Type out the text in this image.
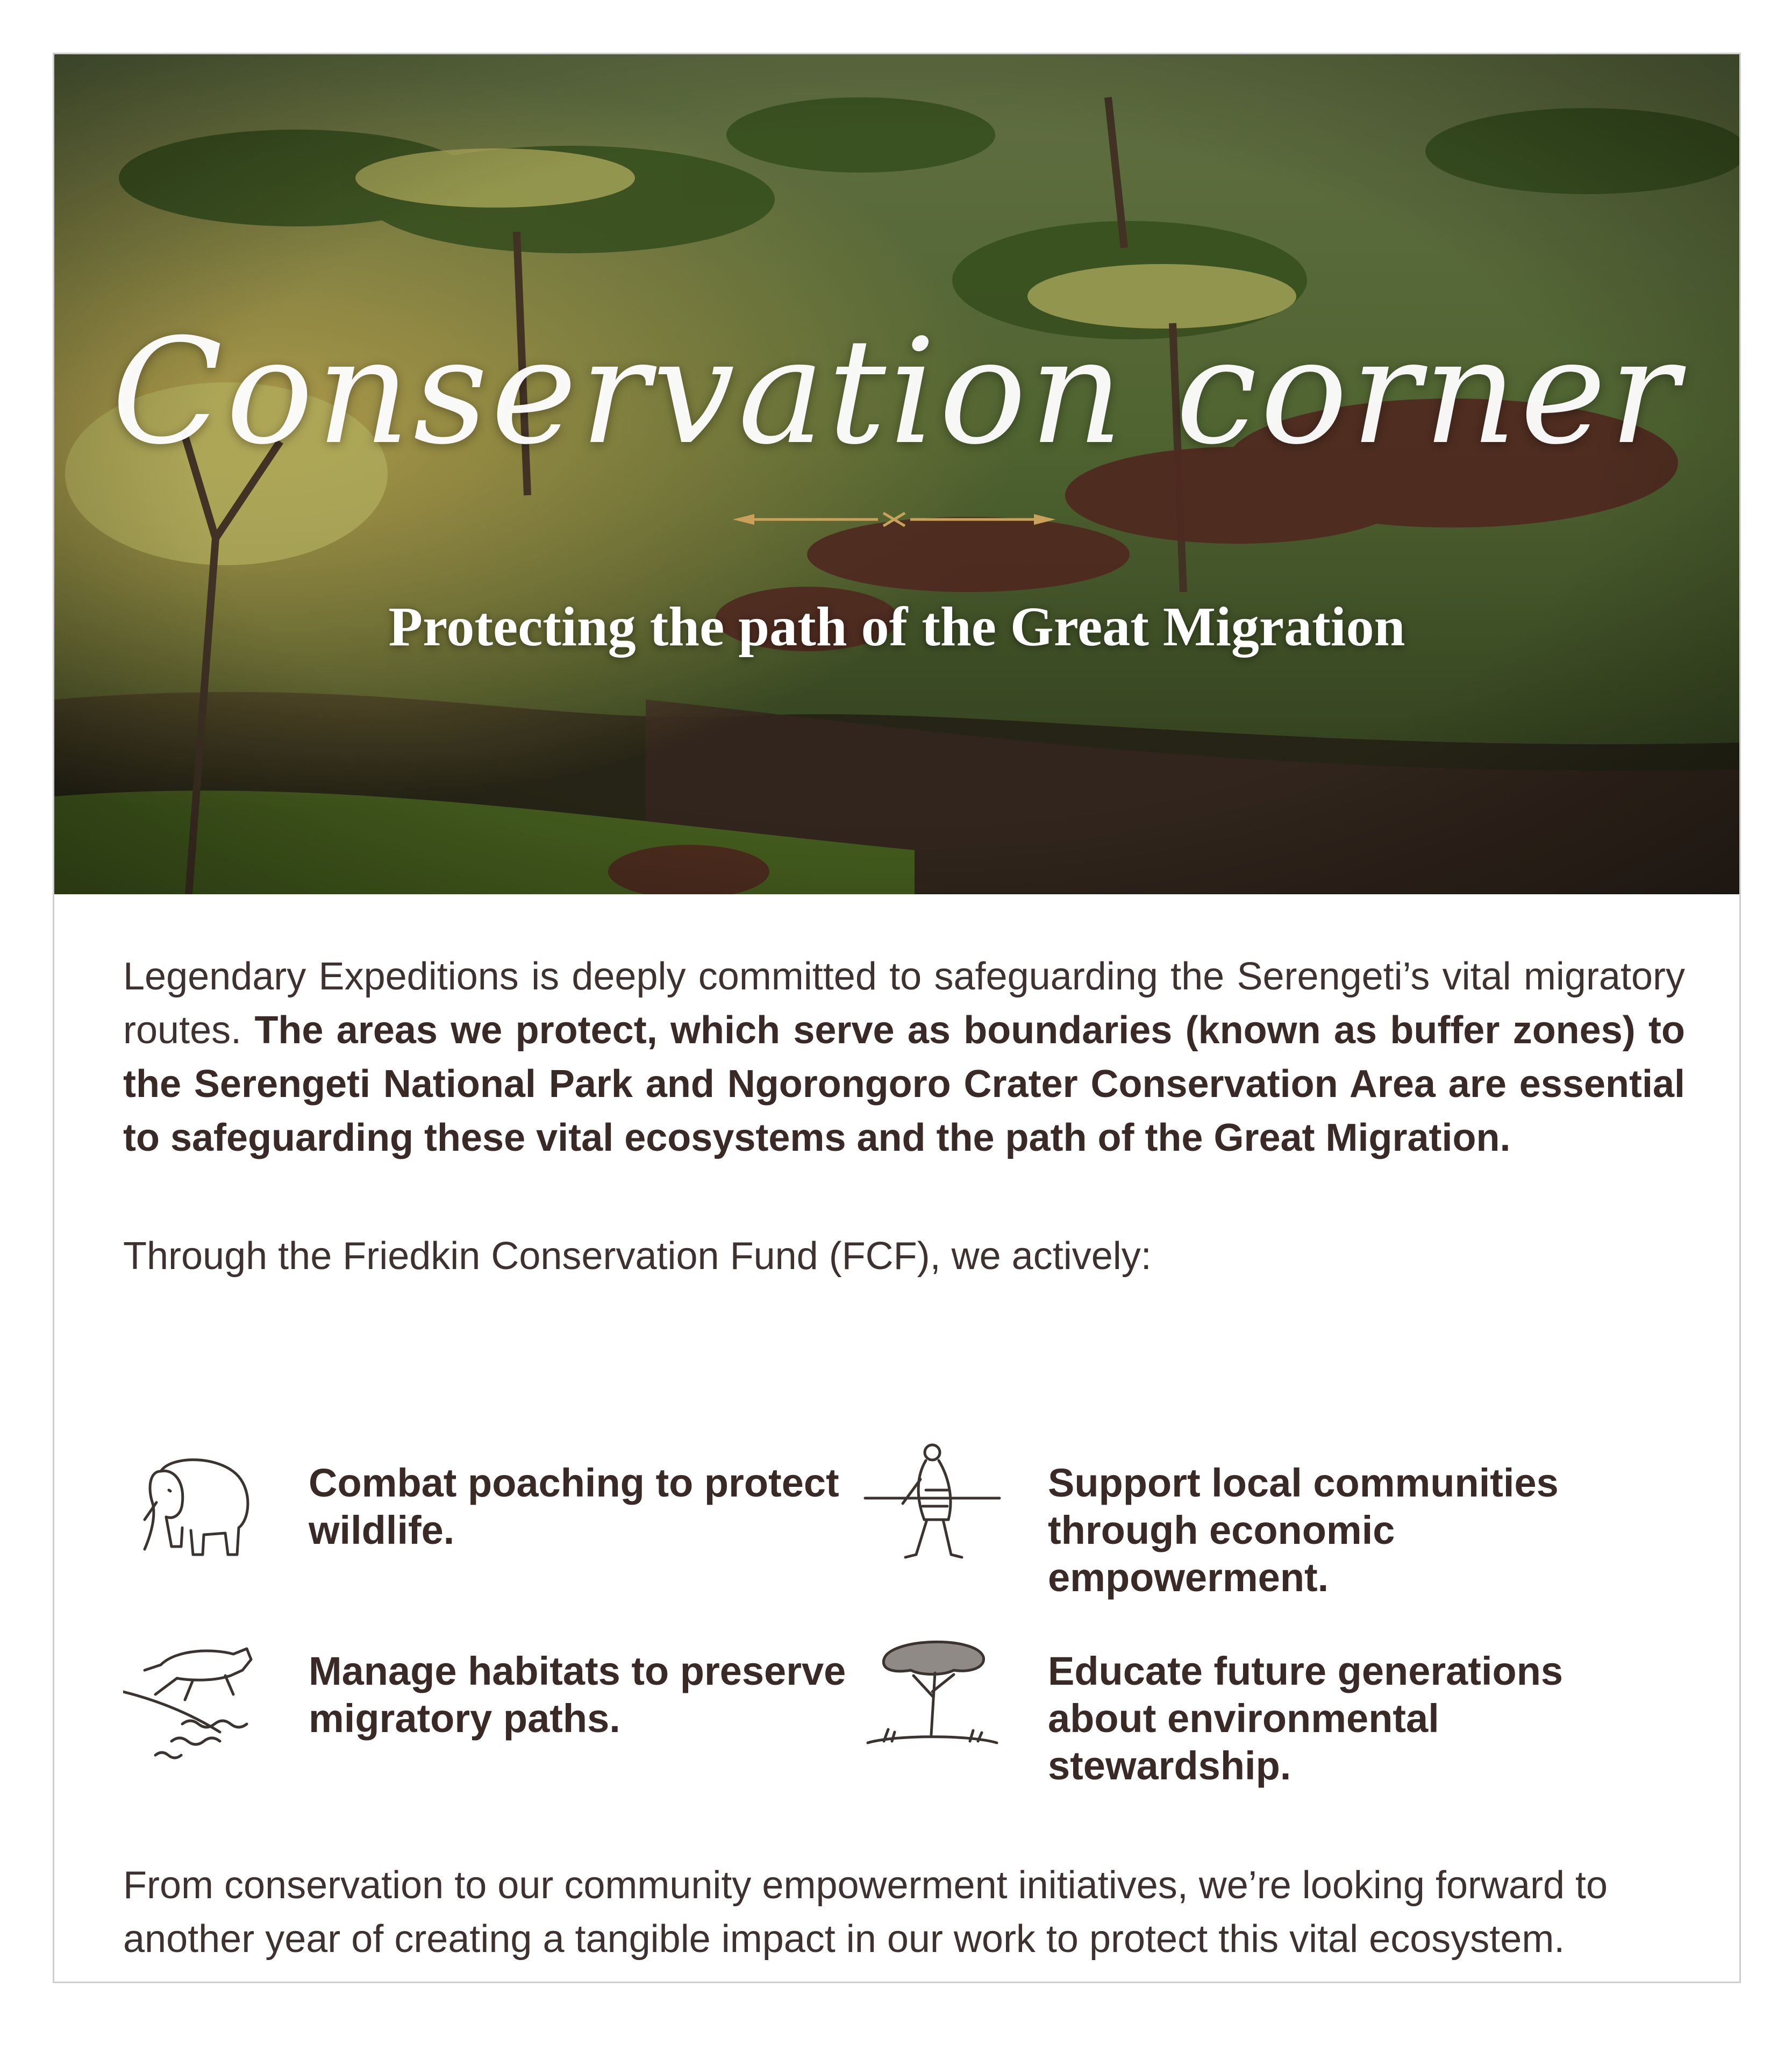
Conservation corner
Protecting the path of the Great Migration

Legendary Expeditions is deeply committed to safeguarding the Serengeti’s vital migratory routes. The areas we protect, which serve as boundaries (known as buffer zones) to the Serengeti National Park and Ngorongoro Crater Conservation Area are essential to safeguarding these vital ecosystems and the path of the Great Migration.

Through the Friedkin Conservation Fund (FCF), we actively:

Combat poaching to protect wildlife.
Support local communities through economic empowerment.
Manage habitats to preserve migratory paths.
Educate future generations about environmental stewardship.

From conservation to our community empowerment initiatives, we’re looking forward to another year of creating a tangible impact in our work to protect this vital ecosystem.
